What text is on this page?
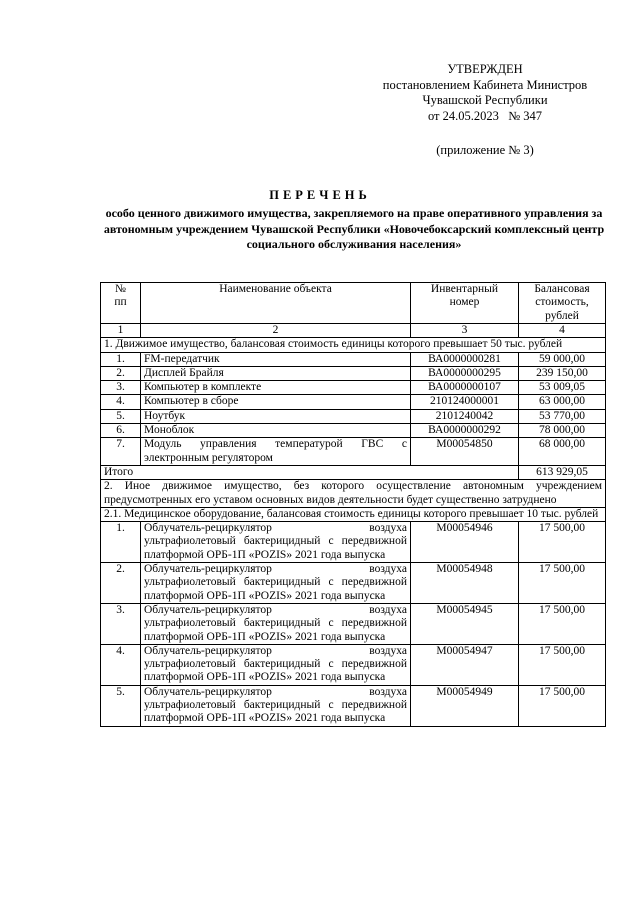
УТВЕРЖДЕН
постановлением Кабинета Министров
Чувашской Республики
от 24.05.2023   № 347
(приложение № 3)
ПЕРЕЧЕНЬ
особо ценного движимого имущества, закрепляемого на праве оперативного управления за автономным учреждением Чувашской Республики «Новочебоксарский комплексный центр социального обслуживания населения»
№ пп	Наименование объекта	Инвентарный номер	Балансовая стоимость, рублей
1	2	3	4
1. Движимое имущество, балансовая стоимость единицы которого превышает 50 тыс. рублей			
1.	FM-передатчик	ВА0000000281	59 000,00
2.	Дисплей Брайля	ВА0000000295	239 150,00
3.	Компьютер в комплекте	ВА0000000107	53 009,05
4.	Компьютер в сборе	210124000001	63 000,00
5.	Ноутбук	2101240042	53 770,00
6.	Моноблок	ВА0000000292	78 000,00
7.	Модуль управления температурой ГВС с электронным регулятором	М00054850	68 000,00
Итого			613 929,05
2. Иное движимое имущество, без которого осуществление автономным учреждением предусмотренных его уставом основных видов деятельности будет существенно затруднено			
2.1. Медицинское оборудование, балансовая стоимость единицы которого превышает 10 тыс. рублей			
1.	Облучатель-рециркулятор воздуха ультрафиолетовый бактерицидный с передвижной платформой ОРБ-1П «POZIS» 2021 года выпуска	М00054946	17 500,00
2.	Облучатель-рециркулятор воздуха ультрафиолетовый бактерицидный с передвижной платформой ОРБ-1П «POZIS» 2021 года выпуска	М00054948	17 500,00
3.	Облучатель-рециркулятор воздуха ультрафиолетовый бактерицидный с передвижной платформой ОРБ-1П «POZIS» 2021 года выпуска	М00054945	17 500,00
4.	Облучатель-рециркулятор воздуха ультрафиолетовый бактерицидный с передвижной платформой ОРБ-1П «POZIS» 2021 года выпуска	М00054947	17 500,00
5.	Облучатель-рециркулятор воздуха ультрафиолетовый бактерицидный с передвижной платформой ОРБ-1П «POZIS» 2021 года выпуска	М00054949	17 500,00
